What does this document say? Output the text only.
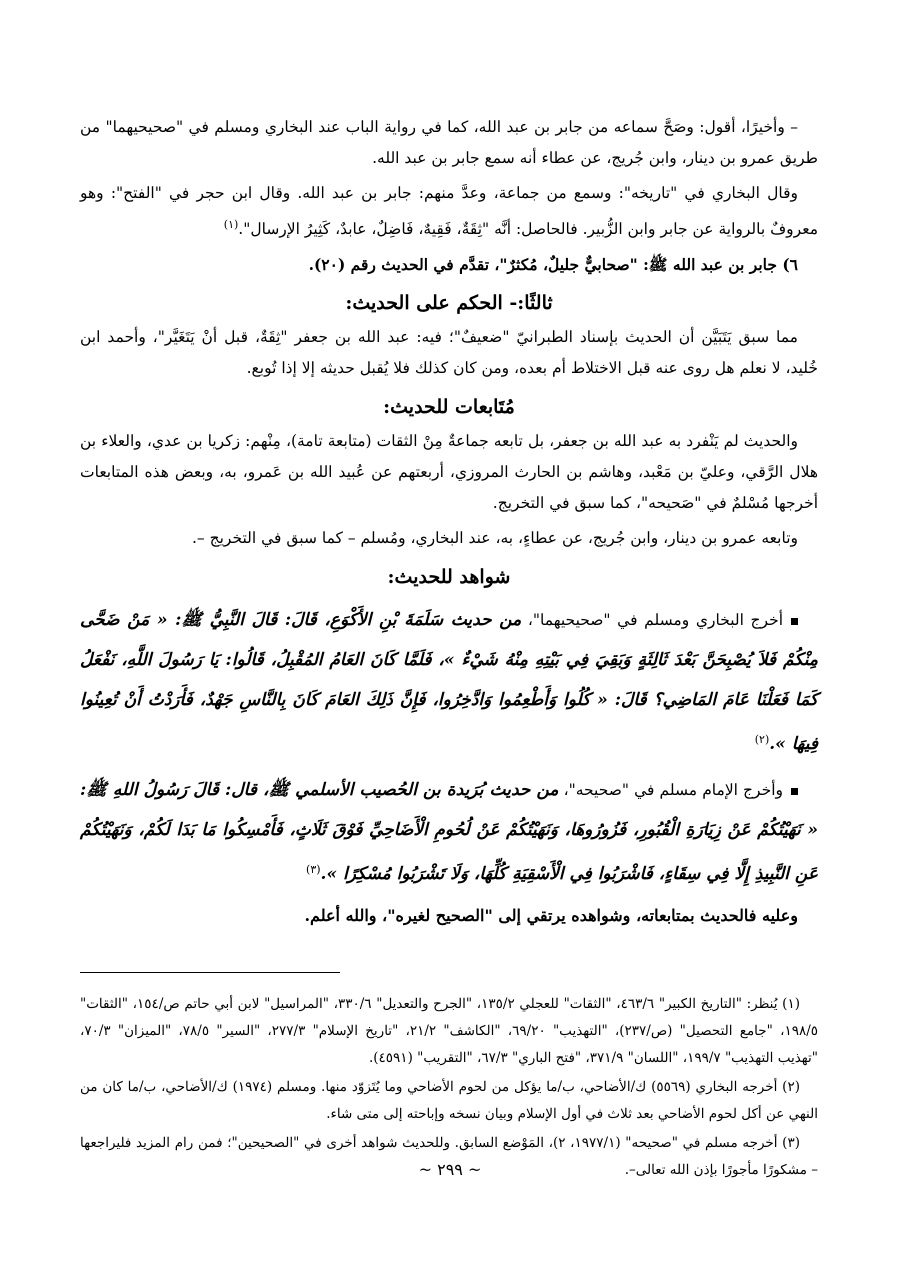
– وأخيرًا، أقول: وصَحَّ سماعه من جابر بن عبد الله، كما في رواية الباب عند البخاري ومسلم في "صحيحيهما" من طريق عمرو بن دينار، وابن جُريج، عن عطاء أنه سمع جابر بن عبد الله.

وقال البخاري في "تاريخه": وسمع من جماعة، وعدَّ منهم: جابر بن عبد الله. وقال ابن حجر في "الفتح": وهو معروفٌ بالرواية عن جابر وابن الزُّبير. فالحاصل: أنَّه "ثِقَةٌ، فَقِيهٌ، فَاضِلٌ، عابدٌ، كَثِيرُ الإرسال".$^{(١)}$

٦) جابر بن عبد الله ﷺ: "صحابيٌّ جليلٌ، مُكثرٌ"، تقدَّم في الحديث رقم (٢٠).

ثالثًا:- الحكم على الحديث:

مما سبق يَتَبَيَّن أن الحديث بإسناد الطبرانيّ "ضعيفٌ"؛ فيه: عبد الله بن جعفر "ثِقَةٌ، قبل أنْ يَتَغَيَّر"، وأحمد ابن خُليد، لا نعلم هل روى عنه قبل الاختلاط أم بعده، ومن كان كذلك فلا يُقبل حديثه إلا إذا تُوبع.

مُتَابعات للحديث:

والحديث لم يَنْفرد به عبد الله بن جعفر، بل تابعه جماعةٌ مِنْ الثقات (متابعة تامة)، مِنْهم: زكريا بن عدي، والعلاء بن هلال الرَّقي، وعليّ بن مَعْبد، وهاشم بن الحارث المروزي، أربعتهم عن عُبيد الله بن عَمرو، به، وبعض هذه المتابعات أخرجها مُسْلمٌ في "صَحيحه"، كما سبق في التخريج.

وتابعه عمرو بن دينار، وابن جُريج، عن عطاءٍ، به، عند البخاري، ومُسلم – كما سبق في التخريج –.

شواهد للحديث:

أخرج البخاري ومسلم في "صحيحيهما"، من حديث سَلَمَةَ بْنِ الأَكْوَعِ، قَالَ: قَالَ النَّبِيُّ ﷺ: « مَنْ ضَحَّى مِنْكُمْ فَلاَ يُصْبِحَنَّ بَعْدَ ثَالِثَةٍ وَبَقِيَ فِي بَيْتِهِ مِنْهُ شَيْءٌ »، فَلَمَّا كَانَ العَامُ المُقْبِلُ، قَالُوا: يَا رَسُولَ اللَّهِ، نَفْعَلُ كَمَا فَعَلْنَا عَامَ المَاضِي؟ قَالَ: « كُلُوا وَأَطْعِمُوا وَادَّخِرُوا، فَإِنَّ ذَلِكَ العَامَ كَانَ بِالنَّاسِ جَهْدٌ، فَأَرَدْتُ أَنْ تُعِينُوا فِيهَا ».$^{(٢)}$

وأخرج الإمام مسلم في "صحيحه"، من حديث بُرَيدة بن الحُصيب الأسلمي ﷺ، قال: قَالَ رَسُولُ اللهِ ﷺ: « نَهَيْتُكُمْ عَنْ زِيَارَةِ الْقُبُورِ، فَزُورُوهَا، وَنَهَيْتُكُمْ عَنْ لُحُومِ الْأَضَاحِيِّ فَوْقَ ثَلَاثٍ، فَأَمْسِكُوا مَا بَدَا لَكُمْ، وَنَهَيْتُكُمْ عَنِ النَّبِيذِ إِلَّا فِي سِقَاءٍ، فَاشْرَبُوا فِي الْأَسْقِيَةِ كُلِّهَا، وَلَا تَشْرَبُوا مُسْكِرًا ».$^{(٣)}$

وعليه فالحديث بمتابعاته، وشواهده يرتقي إلى "الصحيح لغيره"، والله أعلم.

(١) يُنظر: "التاريخ الكبير" ٤٦٣/٦، "الثقات" للعجلي ١٣٥/٢، "الجرح والتعديل" ٣٣٠/٦، "المراسيل" لابن أبي حاتم ص/١٥٤، "الثقات" ١٩٨/٥، "جامع التحصيل" (ص/٢٣٧)، "التهذيب" ٦٩/٢٠، "الكاشف" ٢١/٢، "تاريخ الإسلام" ٢٧٧/٣، "السير" ٧٨/٥، "الميزان" ٧٠/٣، "تهذيب التهذيب" ١٩٩/٧، "اللسان" ٣٧١/٩، "فتح الباري" ٦٧/٣، "التقريب" (٤٥٩١).

(٢) أخرجه البخاري (٥٥٦٩) ك/الأضاحي، ب/ما يؤكل من لحوم الأضاحي وما يُتَزوّد منها. ومسلم (١٩٧٤) ك/الأضاحي، ب/ما كان من النهي عن أكل لحوم الأضاحي بعد ثلاث في أول الإسلام وبيان نسخه وإباحته إلى متى شاء.

(٣) أخرجه مسلم في "صحيحه" (١٩٧٧/١، ٢)، المَوْضع السابق. وللحديث شواهد أخرى في "الصحيحين"؛ فمن رام المزيد فليراجعها – مشكورًا مأجورًا بإذن الله تعالى–.

~ ٢٩٩ ~
